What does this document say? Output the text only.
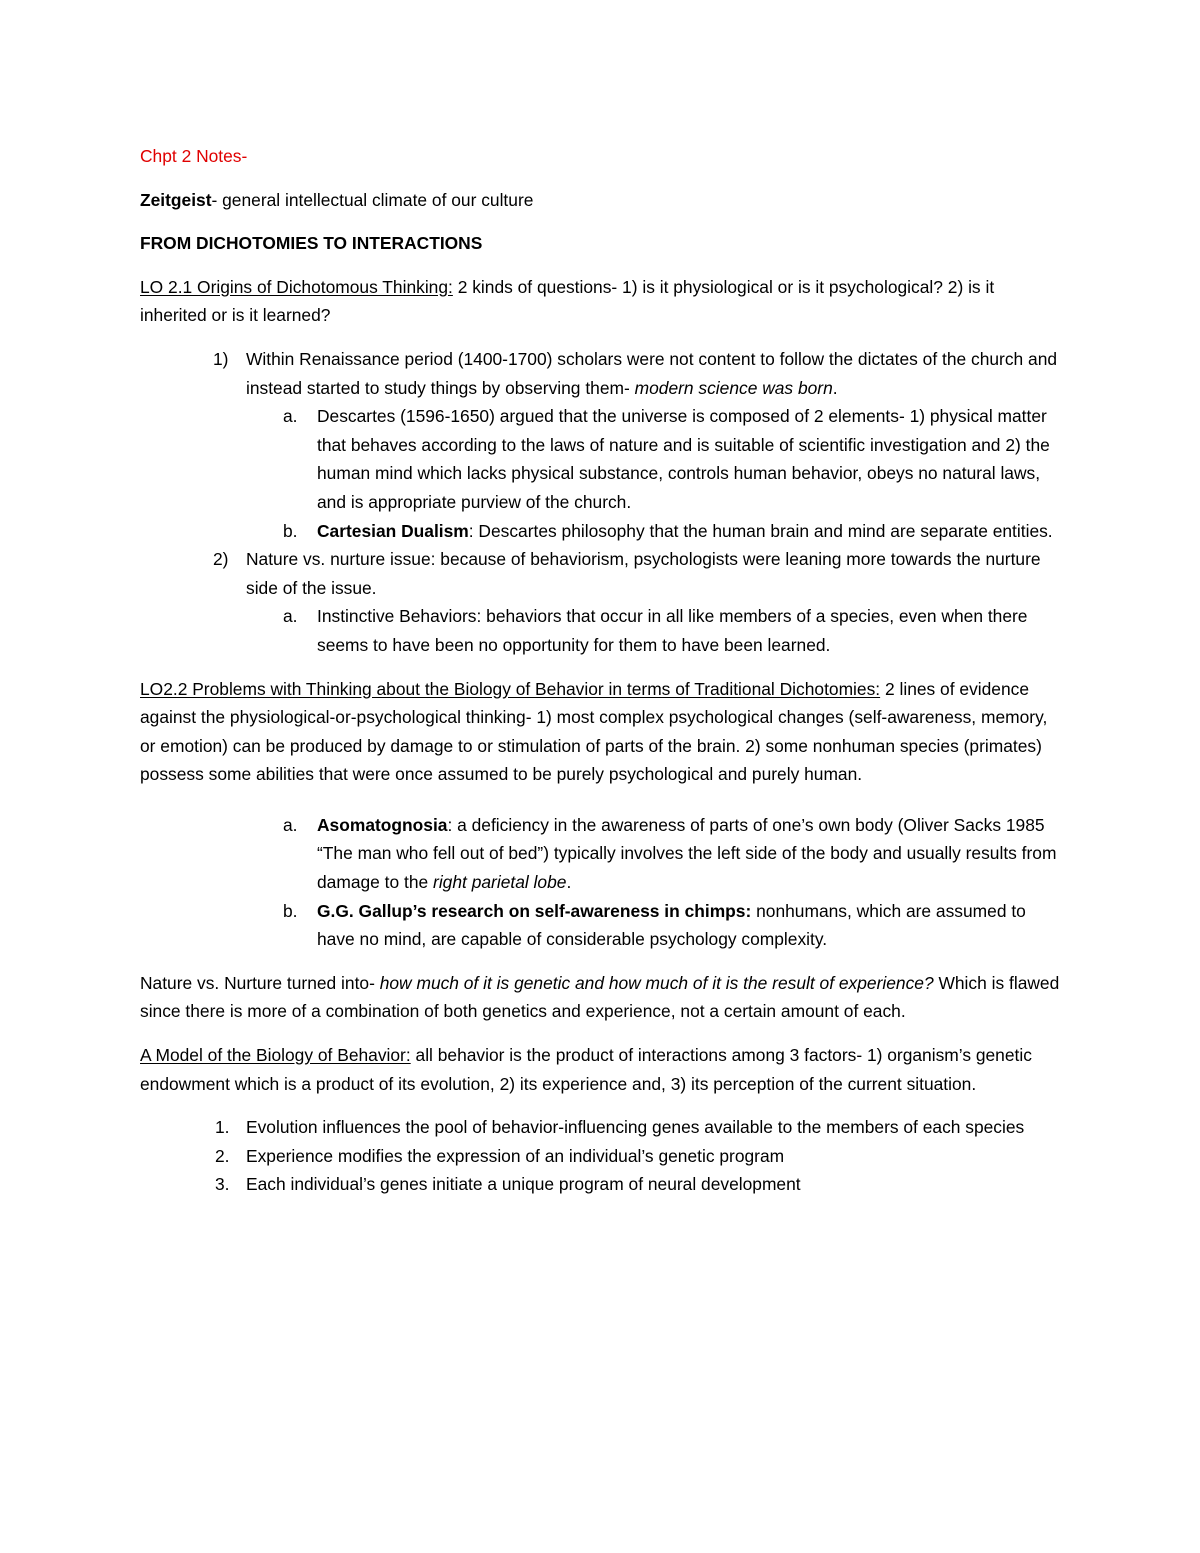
Chpt 2 Notes-

Zeitgeist- general intellectual climate of our culture

FROM DICHOTOMIES TO INTERACTIONS

LO 2.1 Origins of Dichotomous Thinking: 2 kinds of questions- 1) is it physiological or is it psychological? 2) is it inherited or is it learned?

1) Within Renaissance period (1400-1700) scholars were not content to follow the dictates of the church and instead started to study things by observing them- modern science was born.
a. Descartes (1596-1650) argued that the universe is composed of 2 elements- 1) physical matter that behaves according to the laws of nature and is suitable of scientific investigation and 2) the human mind which lacks physical substance, controls human behavior, obeys no natural laws, and is appropriate purview of the church.
b. Cartesian Dualism: Descartes philosophy that the human brain and mind are separate entities.
2) Nature vs. nurture issue: because of behaviorism, psychologists were leaning more towards the nurture side of the issue.
a. Instinctive Behaviors: behaviors that occur in all like members of a species, even when there seems to have been no opportunity for them to have been learned.

LO2.2 Problems with Thinking about the Biology of Behavior in terms of Traditional Dichotomies: 2 lines of evidence against the physiological-or-psychological thinking- 1) most complex psychological changes (self-awareness, memory, or emotion) can be produced by damage to or stimulation of parts of the brain. 2) some nonhuman species (primates) possess some abilities that were once assumed to be purely psychological and purely human.

a. Asomatognosia: a deficiency in the awareness of parts of one’s own body (Oliver Sacks 1985 “The man who fell out of bed”) typically involves the left side of the body and usually results from damage to the right parietal lobe.
b. G.G. Gallup’s research on self-awareness in chimps: nonhumans, which are assumed to have no mind, are capable of considerable psychology complexity.

Nature vs. Nurture turned into- how much of it is genetic and how much of it is the result of experience? Which is flawed since there is more of a combination of both genetics and experience, not a certain amount of each.

A Model of the Biology of Behavior: all behavior is the product of interactions among 3 factors- 1) organism’s genetic endowment which is a product of its evolution, 2) its experience and, 3) its perception of the current situation.

1. Evolution influences the pool of behavior-influencing genes available to the members of each species
2. Experience modifies the expression of an individual’s genetic program
3. Each individual’s genes initiate a unique program of neural development
